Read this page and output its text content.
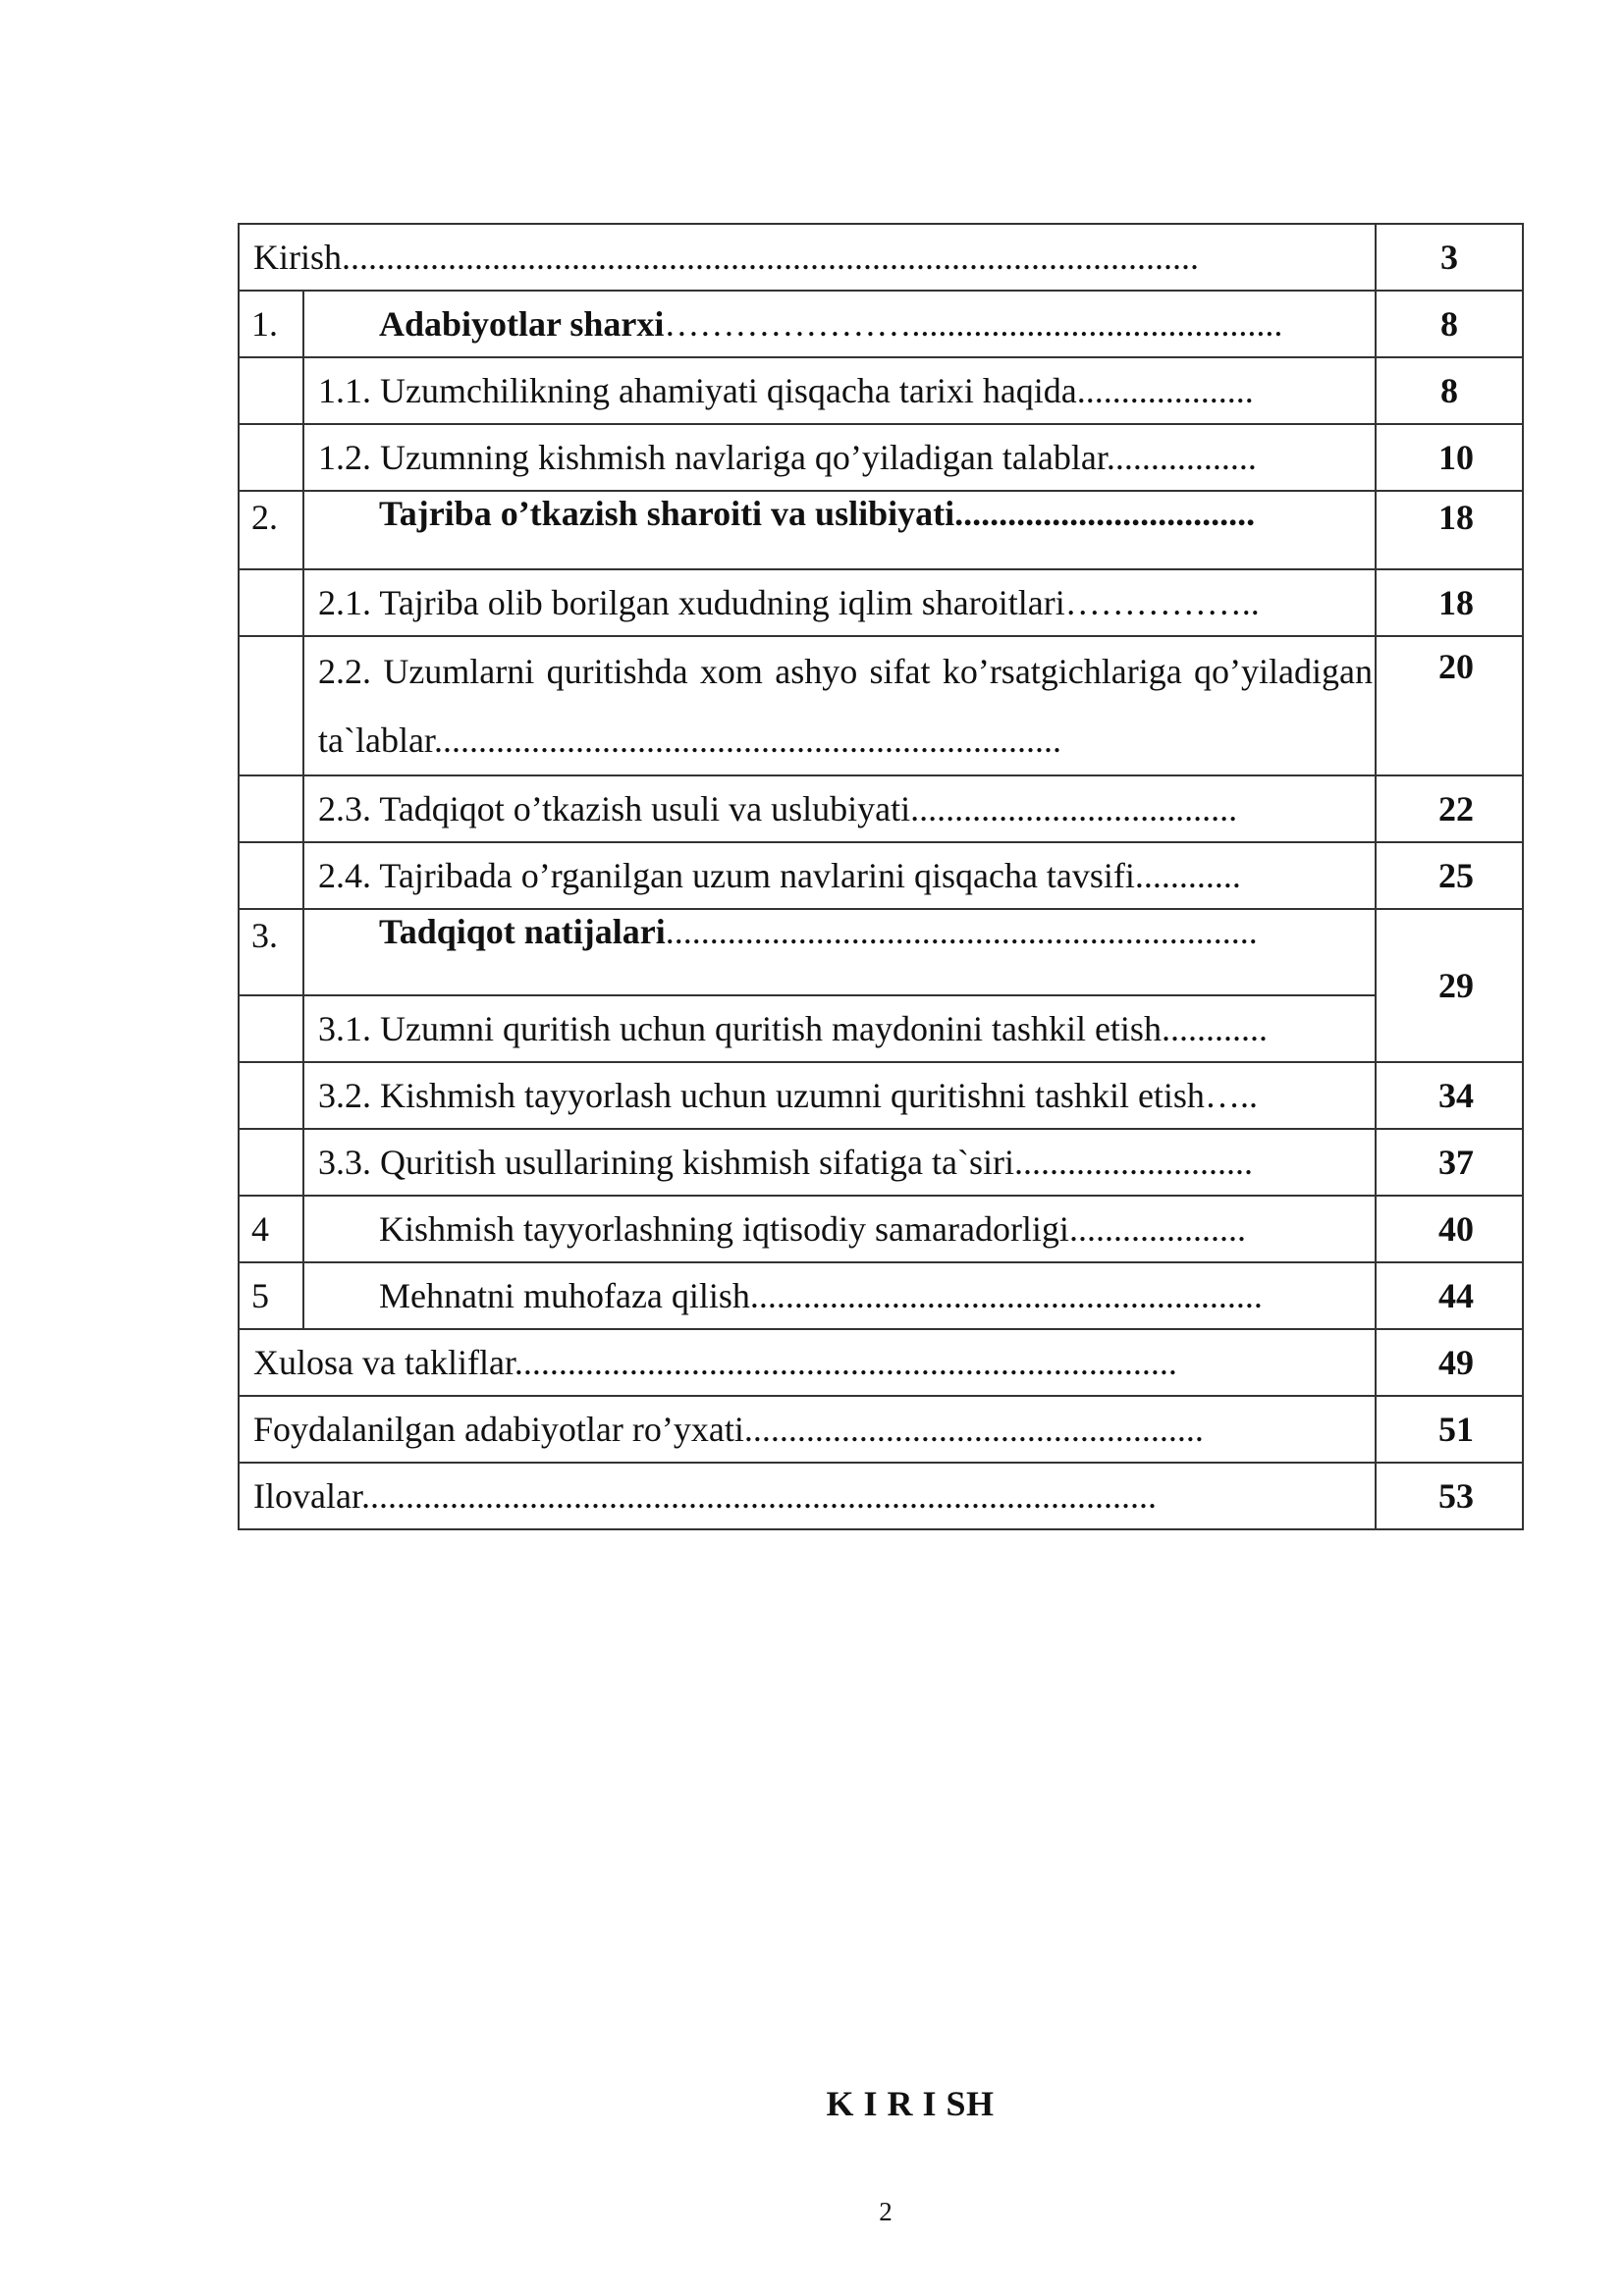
Kirish.................................................................................................		3
1.	Adabiyotlar sharxi…………………..........................................	8
	1.1. Uzumchilikning ahamiyati qisqacha tarixi haqida....................	8
	1.2. Uzumning kishmish navlariga qo’yiladigan talablar.................	10
2.	Tajriba o’tkazish sharoiti va uslibiyati..................................	18
	2.1. Tajriba olib borilgan xududning iqlim sharoitlari……………..	18
	2.2. Uzumlarni quritishda xom ashyo sifat ko’rsatgichlariga qo’yiladigan ta`lablar.......................................................................	20
	2.3. Tadqiqot o’tkazish usuli va uslubiyati.....................................	22
	2.4. Tajribada o’rganilgan uzum navlarini qisqacha tavsifi............	25
3.	Tadqiqot natijalari...................................................................	29
	3.1. Uzumni quritish uchun quritish maydonini tashkil etish............	
	3.2. Kishmish tayyorlash uchun uzumni quritishni tashkil etish…..	34
	3.3. Quritish usullarining kishmish sifatiga ta`siri...........................	37
4	Kishmish tayyorlashning iqtisodiy samaradorligi....................	40
5	Mehnatni muhofaza qilish..........................................................	44
Xulosa va takliflar...........................................................................		49
Foydalanilgan adabiyotlar ro’yxati....................................................		51
Ilovalar..........................................................................................		53
K I R I SH
2
